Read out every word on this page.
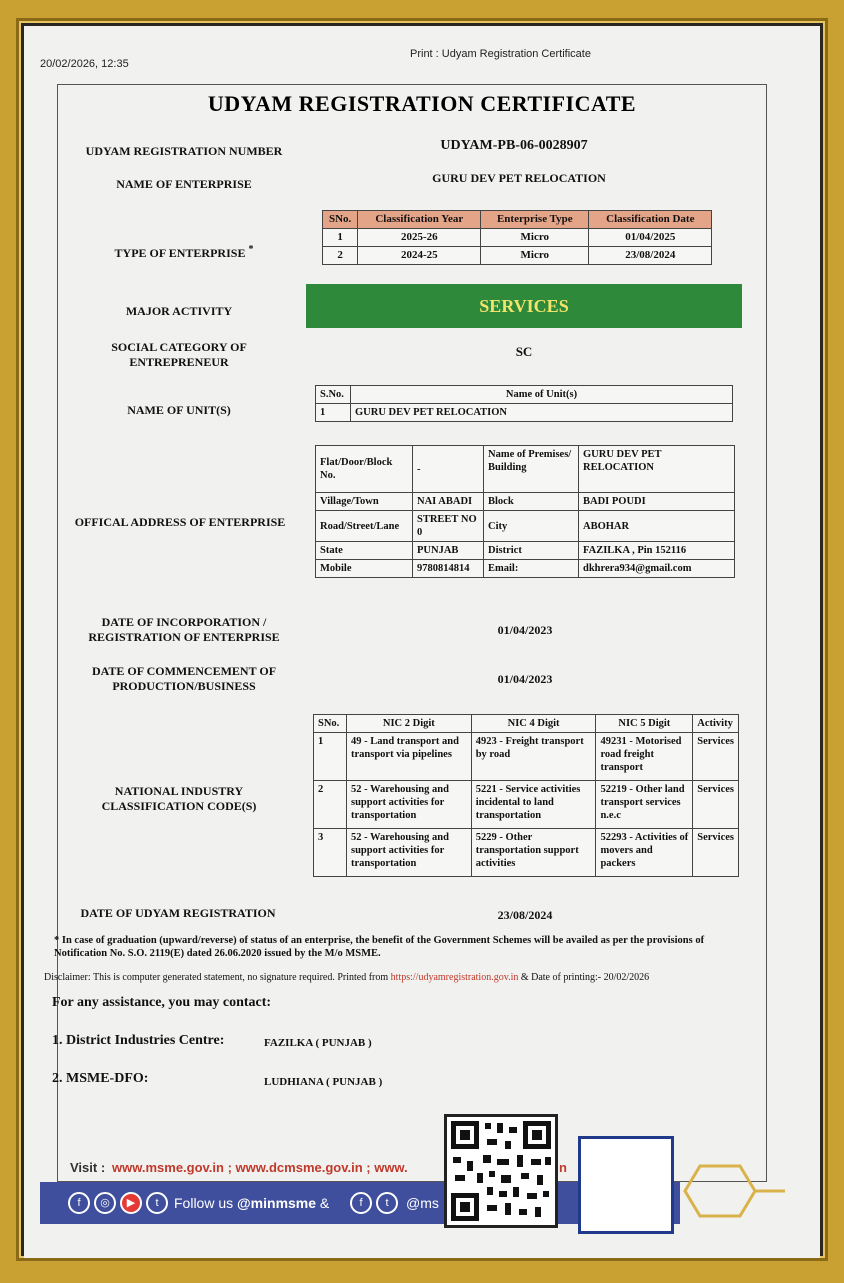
20/02/2026, 12:35
Print : Udyam Registration Certificate
UDYAM REGISTRATION CERTIFICATE
UDYAM REGISTRATION NUMBER	UDYAM-PB-06-0028907
NAME OF ENTERPRISE	GURU DEV PET RELOCATION
TYPE OF ENTERPRISE *
SNo.	Classification Year	Enterprise Type	Classification Date
1	2025-26	Micro	01/04/2025
2	2024-25	Micro	23/08/2024
MAJOR ACTIVITY	SERVICES
SOCIAL CATEGORY OF
ENTREPRENEUR
SC
NAME OF UNIT(S)
S.No.	Name of Unit(s)
1	GURU DEV PET RELOCATION
OFFICAL ADDRESS OF ENTERPRISE
Flat/Door/Block No.	-	Name of Premises/ Building	GURU DEV PET RELOCATION
Village/Town	NAI ABADI	Block	BADI POUDI
Road/Street/Lane	STREET NO 0	City	ABOHAR
State	PUNJAB	District	FAZILKA , Pin 152116
Mobile	9780814814	Email:	dkhrera934@gmail.com
DATE OF INCORPORATION /
REGISTRATION OF ENTERPRISE	01/04/2023
DATE OF COMMENCEMENT OF
PRODUCTION/BUSINESS	01/04/2023
NATIONAL INDUSTRY
CLASSIFICATION CODE(S)
SNo.	NIC 2 Digit	NIC 4 Digit	NIC 5 Digit	Activity
1	49 - Land transport and transport via pipelines	4923 - Freight transport by road	49231 - Motorised road freight transport	Services
2	52 - Warehousing and support activities for transportation	5221 - Service activities incidental to land transportation	52219 - Other land transport services n.e.c	Services
3	52 - Warehousing and support activities for transportation	5229 - Other transportation support activities	52293 - Activities of movers and packers	Services
DATE OF UDYAM REGISTRATION	23/08/2024
* In case of graduation (upward/reverse) of status of an enterprise, the benefit of the Government Schemes will be availed as per the provisions of Notification No. S.O. 2119(E) dated 26.06.2020 issued by the M/o MSME.
Disclaimer: This is computer generated statement, no signature required. Printed from https://udyamregistration.gov.in & Date of printing:- 20/02/2026
For any assistance, you may contact:
1. District Industries Centre:	FAZILKA ( PUNJAB )
2. MSME-DFO:	LUDHIANA ( PUNJAB )
Visit : www.msme.gov.in ; www.dcmsme.gov.in ; www.	n
f	◎	▶	t	Follow us @minmsme &	f	t	@ms
